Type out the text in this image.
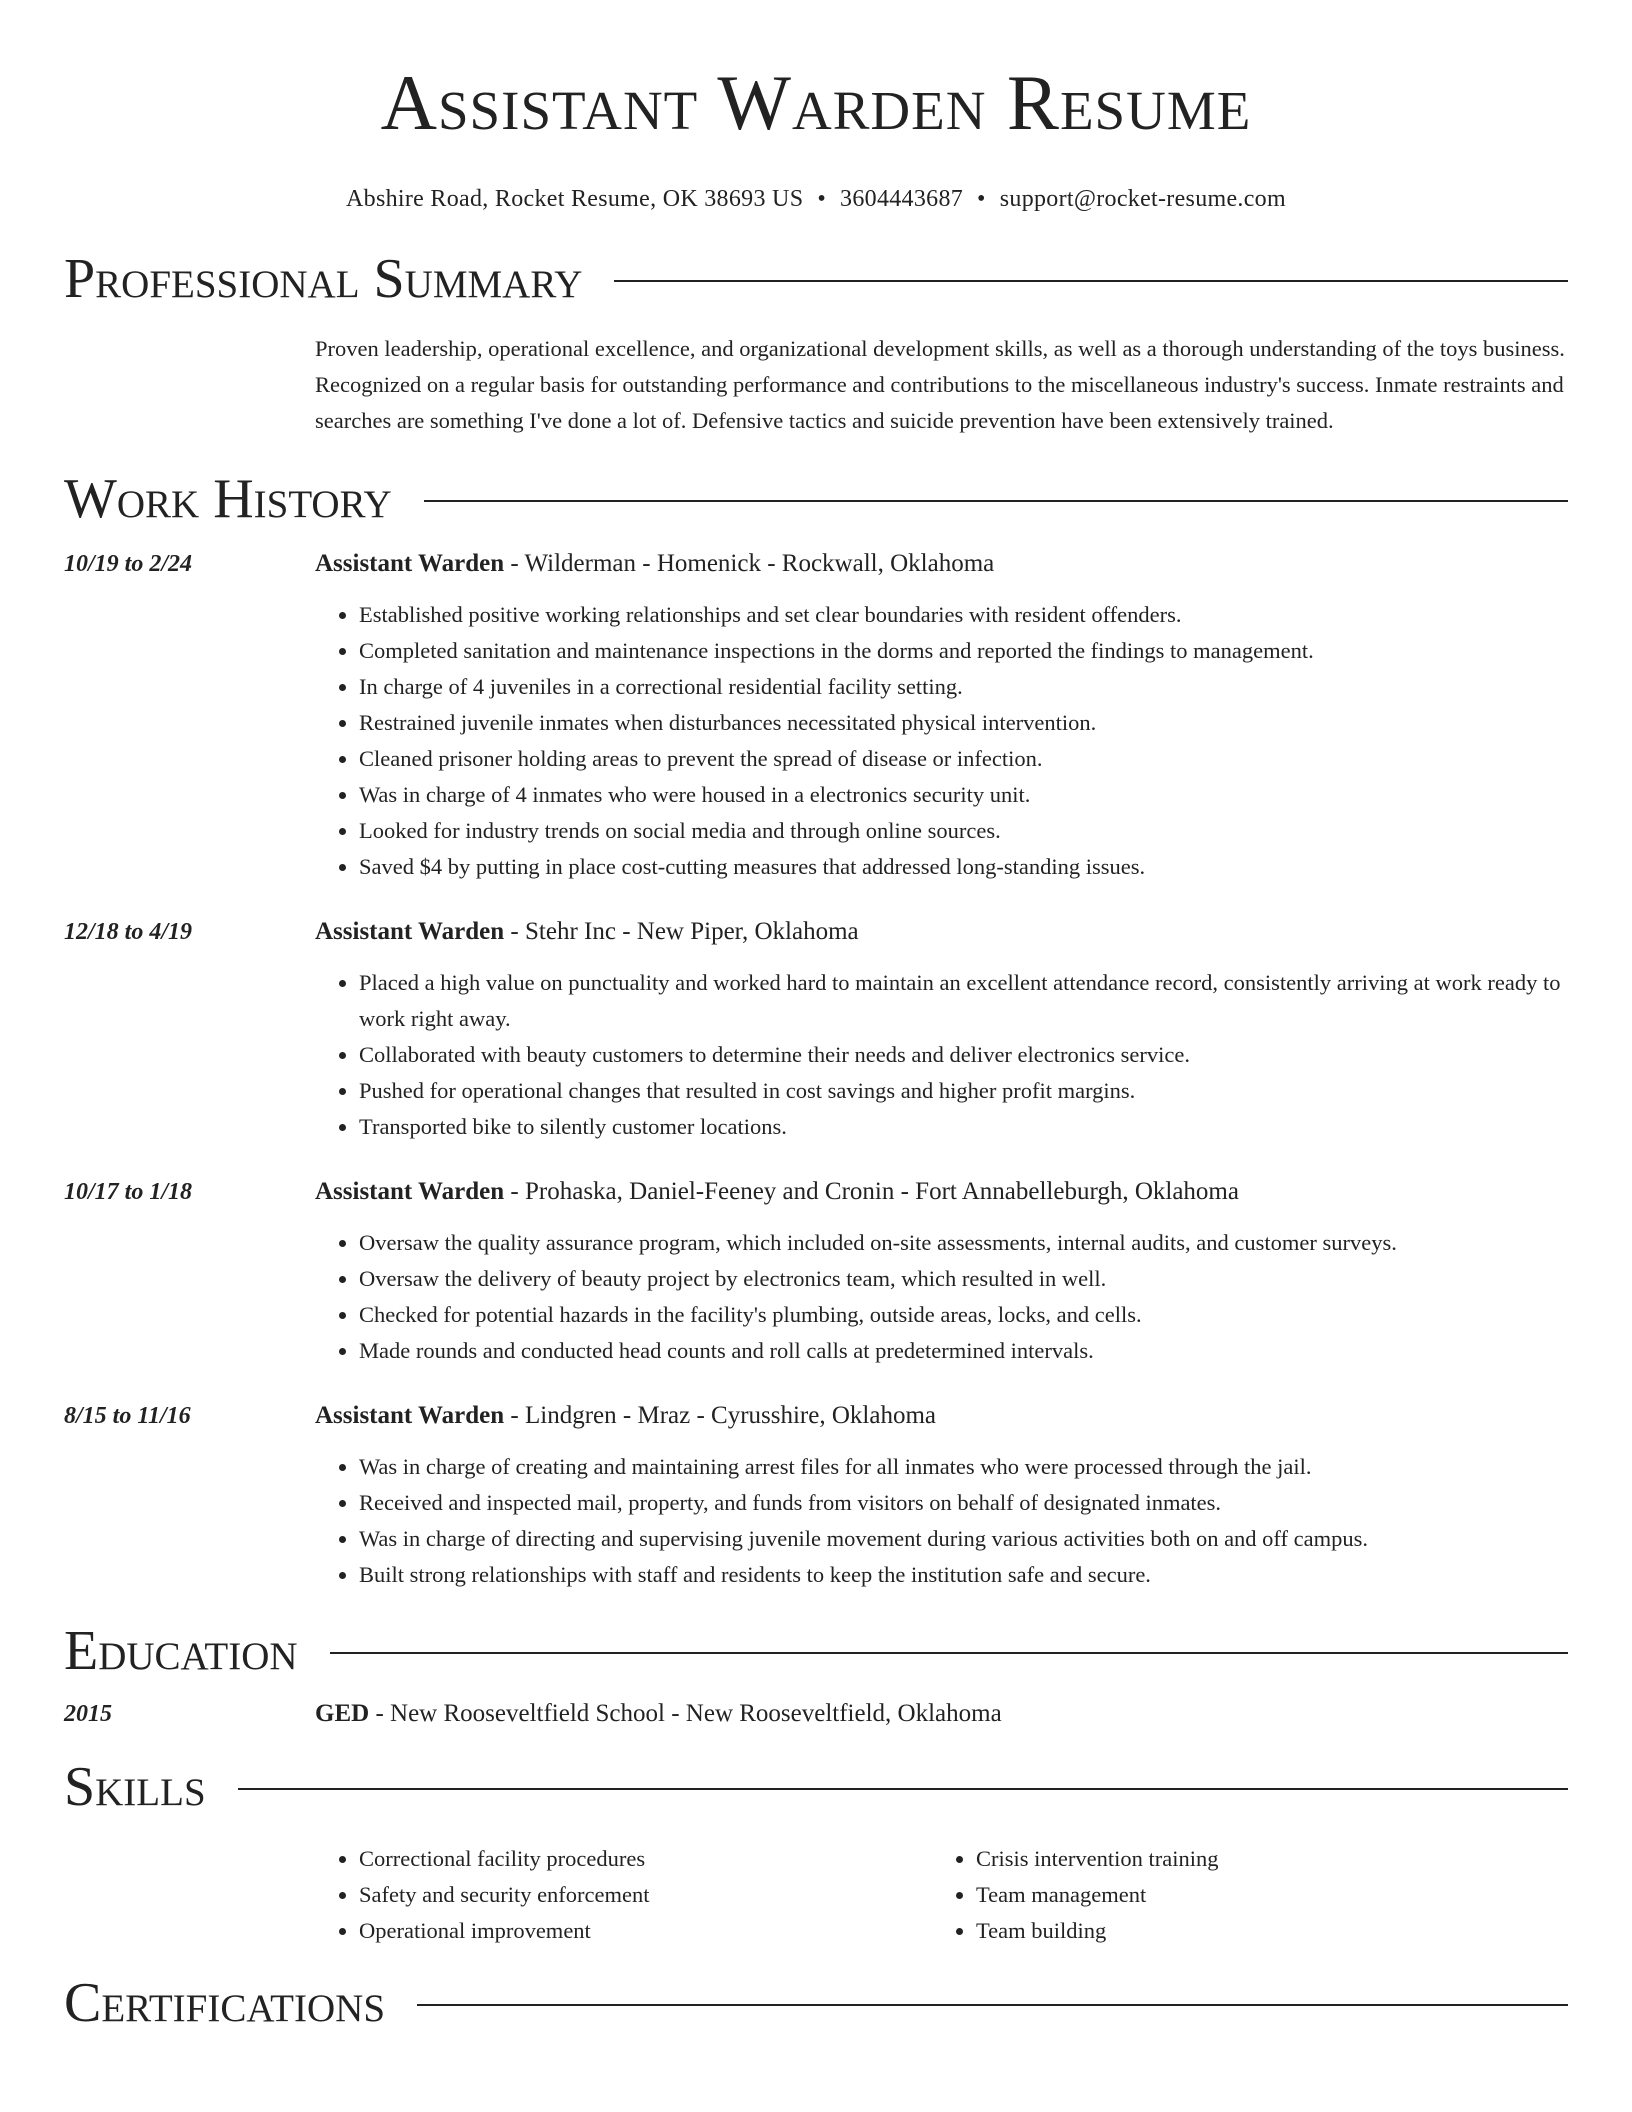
Assistant Warden Resume
Abshire Road, Rocket Resume, OK 38693 US • 3604443687 • support@rocket-resume.com
Professional Summary

Proven leadership, operational excellence, and organizational development skills, as well as a thorough understanding of the toys business. Recognized on a regular basis for outstanding performance and contributions to the miscellaneous industry's success. Inmate restraints and searches are something I've done a lot of. Defensive tactics and suicide prevention have been extensively trained.

Work History
10/19 to 2/24	Assistant Warden - Wilderman - Homenick - Rockwall, Oklahoma
• Established positive working relationships and set clear boundaries with resident offenders.
• Completed sanitation and maintenance inspections in the dorms and reported the findings to management.
• In charge of 4 juveniles in a correctional residential facility setting.
• Restrained juvenile inmates when disturbances necessitated physical intervention.
• Cleaned prisoner holding areas to prevent the spread of disease or infection.
• Was in charge of 4 inmates who were housed in a electronics security unit.
• Looked for industry trends on social media and through online sources.
• Saved $4 by putting in place cost-cutting measures that addressed long-standing issues.
12/18 to 4/19	Assistant Warden - Stehr Inc - New Piper, Oklahoma
• Placed a high value on punctuality and worked hard to maintain an excellent attendance record, consistently arriving at work ready to work right away.
• Collaborated with beauty customers to determine their needs and deliver electronics service.
• Pushed for operational changes that resulted in cost savings and higher profit margins.
• Transported bike to silently customer locations.
10/17 to 1/18	Assistant Warden - Prohaska, Daniel-Feeney and Cronin - Fort Annabelleburgh, Oklahoma
• Oversaw the quality assurance program, which included on-site assessments, internal audits, and customer surveys.
• Oversaw the delivery of beauty project by electronics team, which resulted in well.
• Checked for potential hazards in the facility's plumbing, outside areas, locks, and cells.
• Made rounds and conducted head counts and roll calls at predetermined intervals.
8/15 to 11/16	Assistant Warden - Lindgren - Mraz - Cyrusshire, Oklahoma
• Was in charge of creating and maintaining arrest files for all inmates who were processed through the jail.
• Received and inspected mail, property, and funds from visitors on behalf of designated inmates.
• Was in charge of directing and supervising juvenile movement during various activities both on and off campus.
• Built strong relationships with staff and residents to keep the institution safe and secure.
Education
2015	GED - New Rooseveltfield School - New Rooseveltfield, Oklahoma
Skills
• Correctional facility procedures
• Safety and security enforcement
• Operational improvement
• Crisis intervention training
• Team management
• Team building
Certifications
